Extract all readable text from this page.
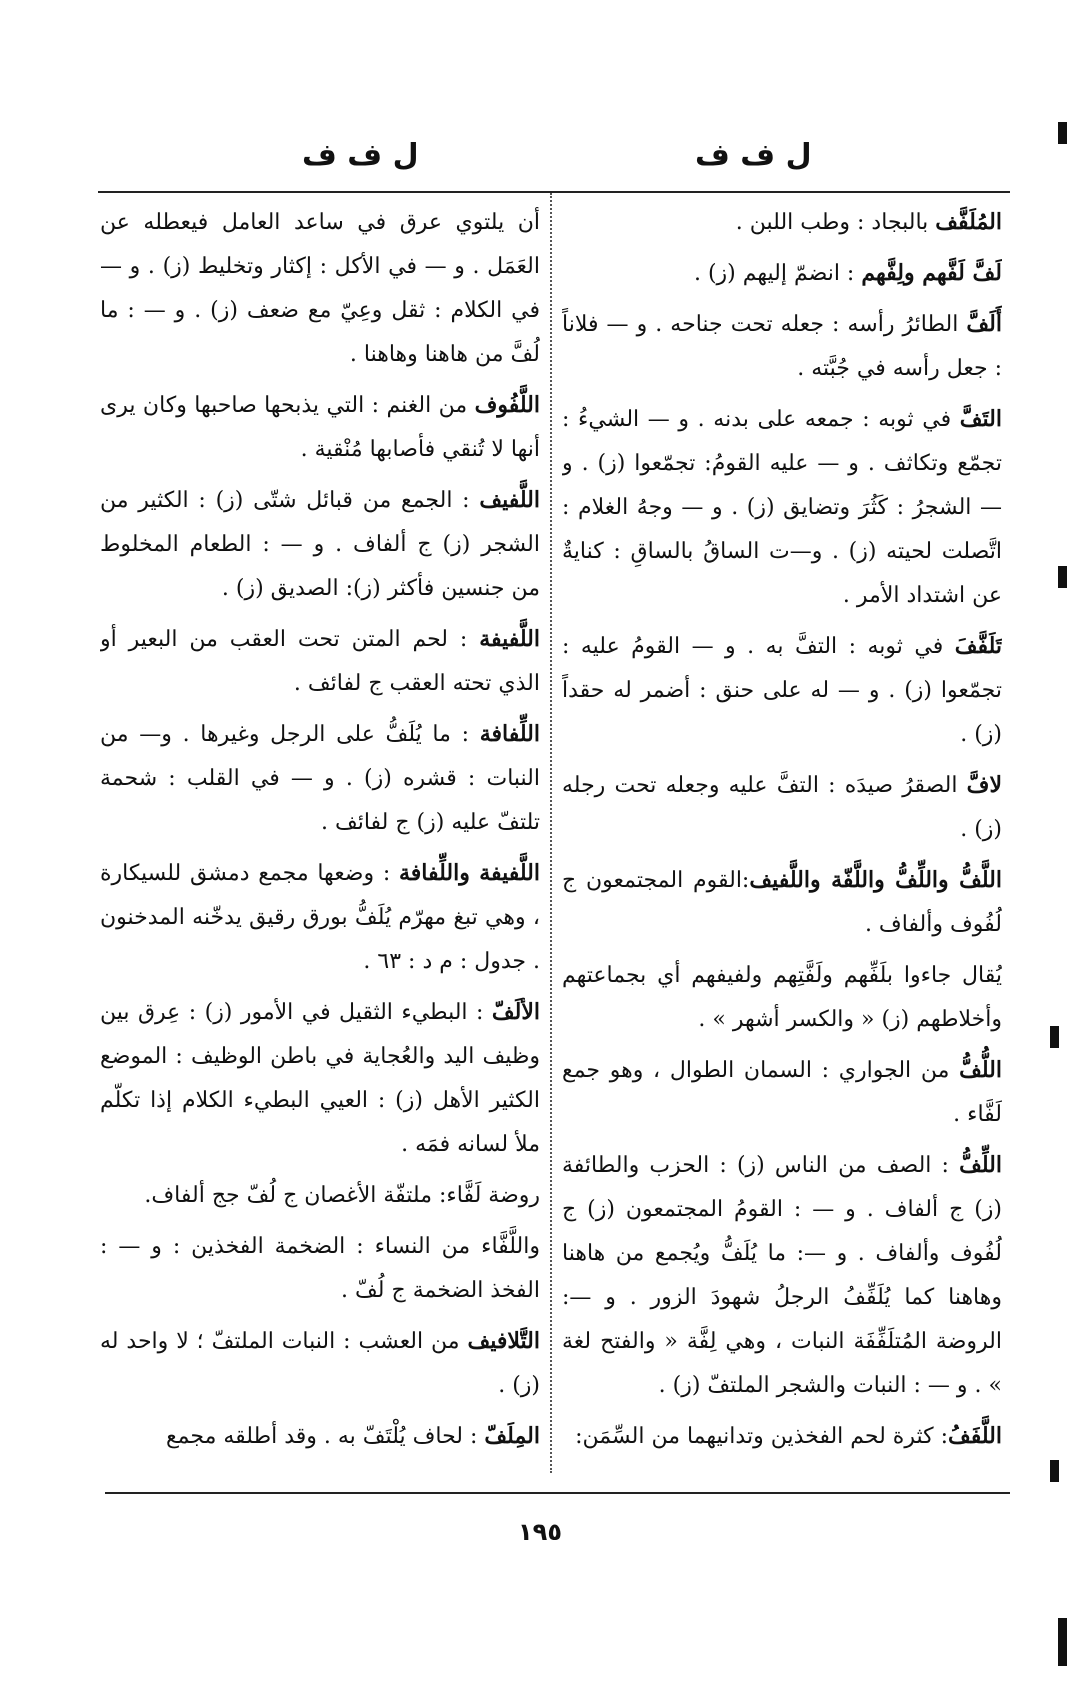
ل ف ف
ل ف ف

المُلَفَّف بالبجاد : وطب اللبن .

لَفَّ لَفَّهم ولِفَّهم : انضمّ إليهم (ز) .

أَلَفَّ الطائرُ رأسه : جعله تحت جناحه . و — فلاناً : جعل رأسه في جُبَّته .

التَفَّ في ثوبه : جمعه على بدنه . و — الشيءُ : تجمّع وتكاثف . و — عليه القومُ: تجمّعوا (ز) . و — الشجرُ : كَثُرَ وتضايق (ز) . و — وجهُ الغلام : اتَّصلت لحيته (ز) . و—ت الساقُ بالساقِ : كنايةٌ عن اشتداد الأمر .

تَلَفَّفَ في ثوبه : التفَّ به . و — القومُ عليه : تجمّعوا (ز) . و — له على حنق : أضمر له حقداً (ز) .

لافَّ الصقرُ صيدَه : التفَّ عليه وجعله تحت رجله (ز) .

اللَّفُّ واللِّفُّ واللَّفّة واللَّفيف:القوم المجتمعون ج لُفُوف وألفاف .

يُقال جاءوا بلَفِّهم ولَفَّتِهم ولفيفهم أي بجماعتهم وأخلاطهم (ز) « والكسر أشهر » .

اللُّفُّ من الجواري : السمان الطوال ، وهو جمع لَفَّاء .

اللِّفُّ : الصف من الناس (ز) : الحزب والطائفة (ز) ج ألفاف . و — : القومُ المجتمعون (ز) ج لُفُوف وألفاف . و —: ما يُلَفُّ ويُجمع من هاهنا وهاهنا كما يُلَفِّفُ الرجلُ شهودَ الزور . و —: الروضة المُتلَفِّفَة النبات ، وهي لِفَّة « والفتح لغة » . و — : النبات والشجر الملتفّ (ز) .

اللَّفَفُ: كثرة لحم الفخذين وتدانيهما من السِّمَن:

أن يلتوي عرق في ساعد العامل فيعطله عن العَمَل . و — في الأكل : إكثار وتخليط (ز) . و — في الكلام : ثقل وعِيّ مع ضعف (ز) . و — : ما لُفَّ من هاهنا وهاهنا .

اللَّفُوف من الغنم : التي يذبحها صاحبها وكان يرى أنها لا تُنقي فأصابها مُنْقية .

اللَّفيف : الجمع من قبائل شتّى (ز) : الكثير من الشجر (ز) ج ألفاف . و — : الطعام المخلوط من جنسين فأكثر (ز): الصديق (ز) .

اللَّفيفة : لحم المتن تحت العقب من البعير أو الذي تحته العقب ج لفائف .

اللِّفافة : ما يُلَفُّ على الرجل وغيرها . و— من النبات : قشره (ز) . و — في القلب : شحمة تلتفّ عليه (ز) ج لفائف .

اللَّفيفة واللِّفافة : وضعها مجمع دمشق للسيكارة ، وهي تبغ مهرّم يُلَفُّ بورق رقيق يدخّنه المدخنون . جدول : م د : ٦٣ .

الألَفّ : البطيء الثقيل في الأمور (ز) : عِرق بين وظيف اليد والعُجاية في باطن الوظيف : الموضع الكثير الأهل (ز) : العيي البطيء الكلام إذا تكلّم ملأ لسانه فمَه .

روضة لَفَّاء: ملتفّة الأغصان ج لُفّ جج ألفاف.

واللَّفَّاء من النساء : الضخمة الفخذين : و — : الفخذ الضخمة ج لُفّ .

التَّلافيف من العشب : النبات الملتفّ ؛ لا واحد له (ز) .

المِلَفّ : لحاف يُلْتَفّ به . وقد أطلقه مجمع

١٩٥
